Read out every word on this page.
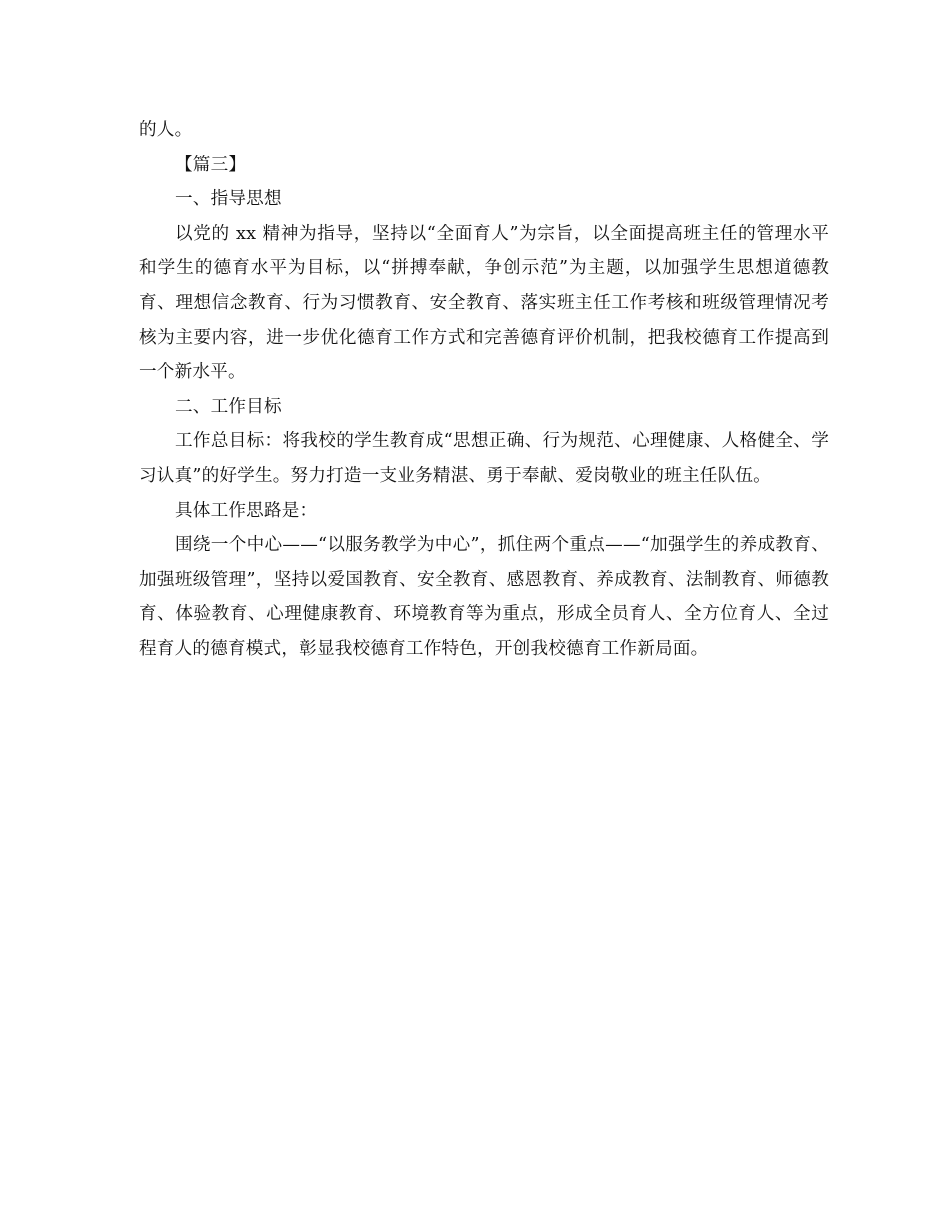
的人。

【篇三】

一、指导思想

以党的 xx 精神为指导，坚持以“全面育人”为宗旨，以全面提高班主任的管理水平和学生的德育水平为目标，以“拼搏奉献，争创示范”为主题，以加强学生思想道德教育、理想信念教育、行为习惯教育、安全教育、落实班主任工作考核和班级管理情况考核为主要内容，进一步优化德育工作方式和完善德育评价机制，把我校德育工作提高到一个新水平。

二、工作目标

工作总目标：将我校的学生教育成“思想正确、行为规范、心理健康、人格健全、学习认真”的好学生。努力打造一支业务精湛、勇于奉献、爱岗敬业的班主任队伍。

具体工作思路是：

围绕一个中心——“以服务教学为中心”，抓住两个重点——“加强学生的养成教育、加强班级管理”，坚持以爱国教育、安全教育、感恩教育、养成教育、法制教育、师德教育、体验教育、心理健康教育、环境教育等为重点，形成全员育人、全方位育人、全过程育人的德育模式，彰显我校德育工作特色，开创我校德育工作新局面。
